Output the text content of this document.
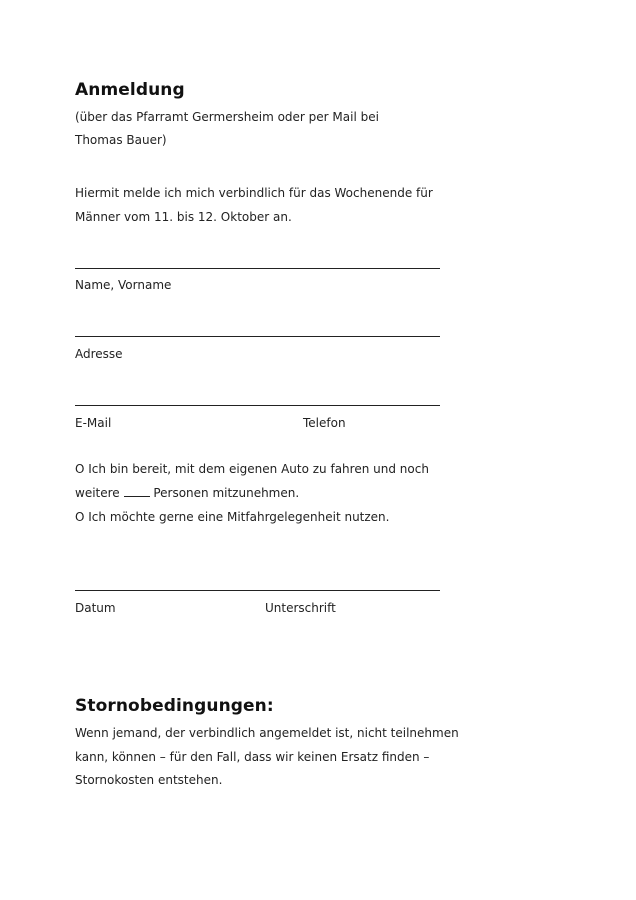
Anmeldung
(über das Pfarramt Germersheim oder per Mail bei
Thomas Bauer)
Hiermit melde ich mich verbindlich für das Wochenende für
Männer vom 11. bis 12. Oktober an.
Name, Vorname
Adresse
E-Mail	Telefon
O Ich bin bereit, mit dem eigenen Auto zu fahren und noch
weitere	Personen mitzunehmen.
O Ich möchte gerne eine Mitfahrgelegenheit nutzen.
Datum	Unterschrift
Stornobedingungen:
Wenn jemand, der verbindlich angemeldet ist, nicht teilnehmen
kann, können – für den Fall, dass wir keinen Ersatz finden –
Stornokosten entstehen.
